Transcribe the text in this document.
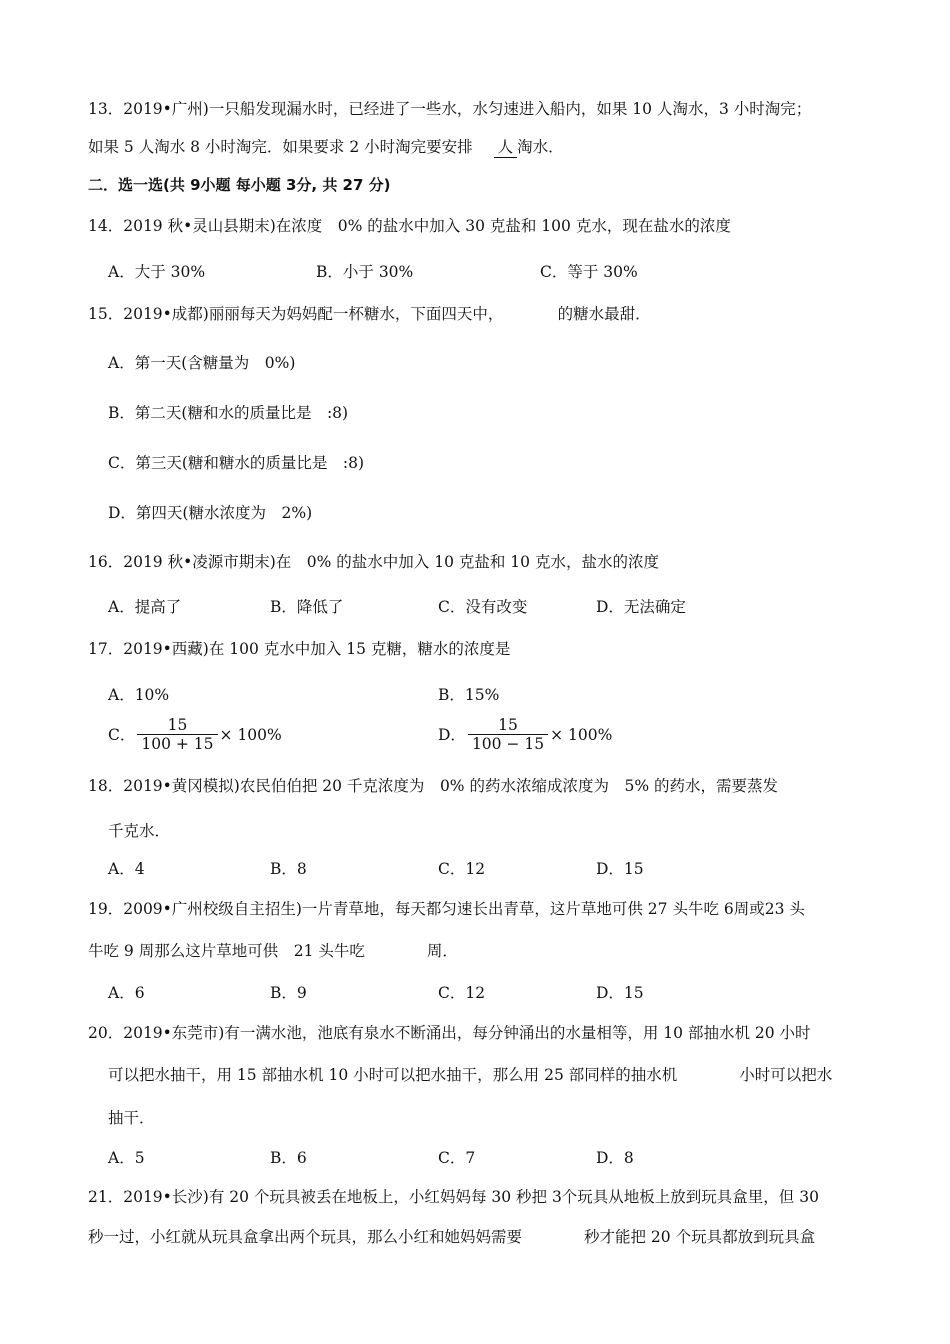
13．2019•广州)一只船发现漏水时，已经进了一些水，水匀速进入船内，如果 10 人淘水，3 小时淘完；
如果 5 人淘水 8 小时淘完．如果要求 2 小时淘完要安排 人 淘水．
二．选一选(共 9小题 每小题 3分, 共 27 分)
14．2019 秋•灵山县期末)在浓度　0% 的盐水中加入 30 克盐和 100 克水，现在盐水的浓度
A．大于 30%	B．小于 30%	C．等于 30%
15．2019•成都)丽丽每天为妈妈配一杯糖水，下面四天中，　　　　的糖水最甜．
A．第一天(含糖量为　0%)
B．第二天(糖和水的质量比是　:8)
C．第三天(糖和糖水的质量比是　:8)
D．第四天(糖水浓度为　2%)
16．2019 秋•凌源市期末)在　0% 的盐水中加入 10 克盐和 10 克水，盐水的浓度
A．提高了	B．降低了	C．没有改变	D．无法确定
17．2019•西藏)在 100 克水中加入 15 克糖，糖水的浓度是
A．10%	B．15%
C． $\frac{15}{100 + 15} \times 100\%$	D． $\frac{15}{100 - 15} \times 100\%$
18．2019•黄冈模拟)农民伯伯把 20 千克浓度为　0% 的药水浓缩成浓度为　5% 的药水，需要蒸发
千克水．
A．4	B．8	C．12	D．15
19．2009•广州校级自主招生)一片青草地，每天都匀速长出青草，这片草地可供 27 头牛吃 6周或23 头
牛吃 9 周那么这片草地可供　21 头牛吃　　　　周．
A．6	B．9	C．12	D．15
20．2019•东莞市)有一满水池，池底有泉水不断涌出，每分钟涌出的水量相等，用 10 部抽水机 20 小时
可以把水抽干，用 15 部抽水机 10 小时可以把水抽干，那么用 25 部同样的抽水机　　　　小时可以把水
抽干．
A．5	B．6	C．7	D．8
21．2019•长沙)有 20 个玩具被丢在地板上，小红妈妈每 30 秒把 3个玩具从地板上放到玩具盒里，但 30
秒一过，小红就从玩具盒拿出两个玩具，那么小红和她妈妈需要　　　　秒才能把 20 个玩具都放到玩具盒
